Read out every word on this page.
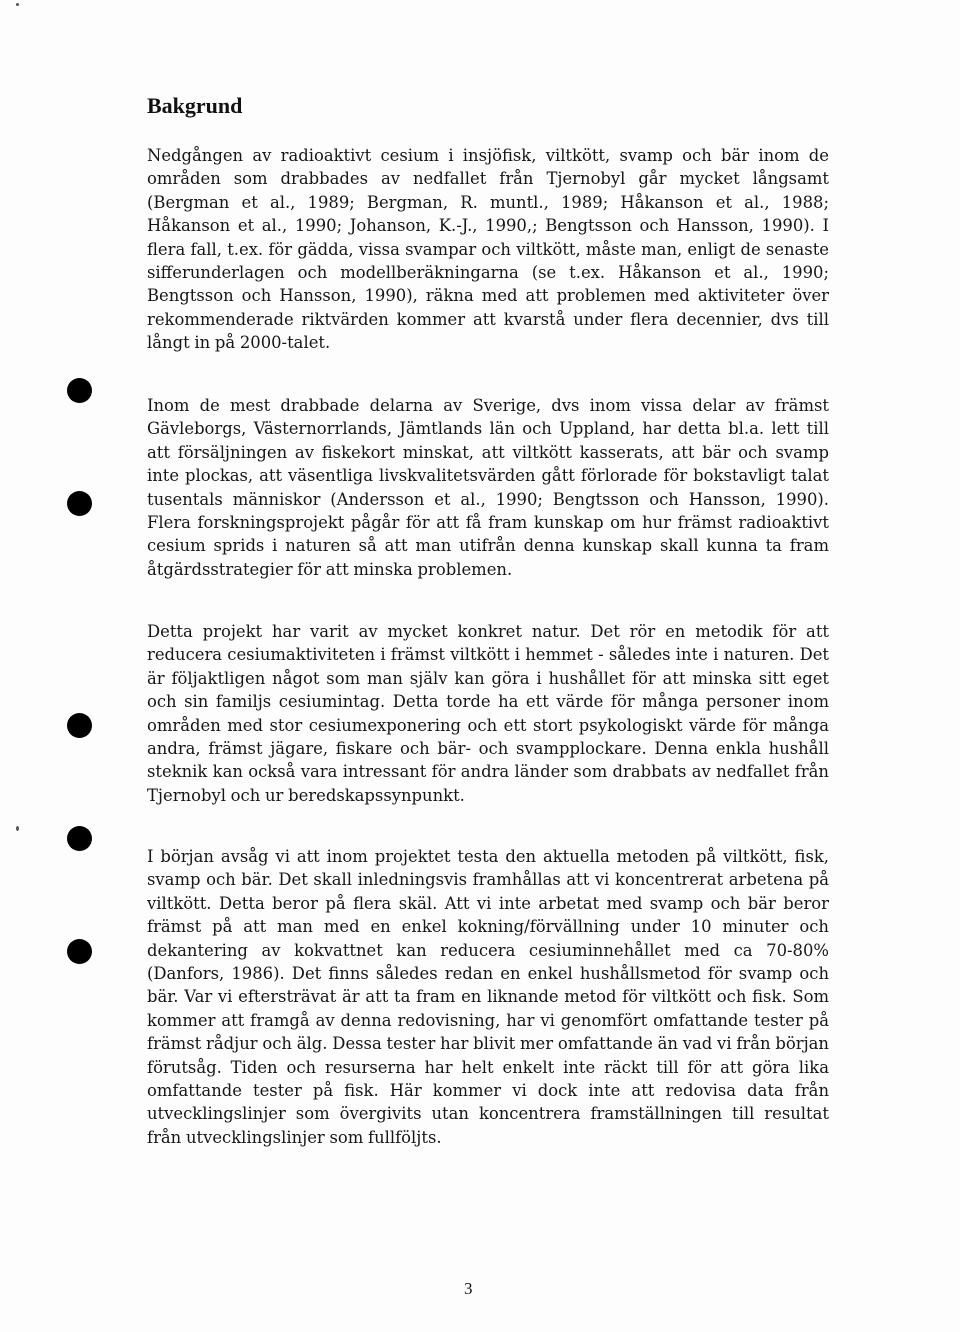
Bakgrund

Nedgången av radioaktivt cesium i insjöfisk, viltkött, svamp och bär inom de områden som drabbades av nedfallet från Tjernobyl går mycket långsamt (Bergman et al., 1989; Bergman, R. muntl., 1989; Håkanson et al., 1988; Håkanson et al., 1990; Johanson, K.-J., 1990,; Bengtsson och Hansson, 1990). I flera fall, t.ex. för gädda, vissa svampar och viltkött, måste man, enligt de senaste sifferunderlagen och modellberäkningarna (se t.ex. Håkanson et al., 1990; Bengtsson och Hansson, 1990), räkna med att problemen med aktiviteter över rekommenderade riktvärden kommer att kvarstå under flera decennier, dvs till långt in på 2000-talet.

Inom de mest drabbade delarna av Sverige, dvs inom vissa delar av främst Gävleborgs, Västernorrlands, Jämtlands län och Uppland, har detta bl.a. lett till att försäljningen av fiskekort minskat, att viltkött kasserats, att bär och svamp inte plockas, att väsentliga livskvalitetsvärden gått förlorade för bokstavligt talat tusentals människor (Andersson et al., 1990; Bengtsson och Hansson, 1990). Flera forskningsprojekt pågår för att få fram kunskap om hur främst radioaktivt cesium sprids i naturen så att man utifrån denna kunskap skall kunna ta fram åtgärdsstrategier för att minska problemen.

Detta projekt har varit av mycket konkret natur. Det rör en metodik för att reducera cesiumaktiviteten i främst viltkött i hemmet - således inte i naturen. Det är följaktligen något som man själv kan göra i hushållet för att minska sitt eget och sin familjs cesiumintag. Detta torde ha ett värde för många personer inom områden med stor cesiumexponering och ett stort psykologiskt värde för många andra, främst jägare, fiskare och bär- och svampplockare. Denna enkla hushåll steknik kan också vara intressant för andra länder som drabbats av nedfallet från Tjernobyl och ur beredskapssynpunkt.

I början avsåg vi att inom projektet testa den aktuella metoden på viltkött, fisk, svamp och bär. Det skall inledningsvis framhållas att vi koncentrerat arbetena på viltkött. Detta beror på flera skäl. Att vi inte arbetat med svamp och bär beror främst på att man med en enkel kokning/förvällning under 10 minuter och dekantering av kokvattnet kan reducera cesiuminnehållet med ca 70-80% (Danfors, 1986). Det finns således redan en enkel hushållsmetod för svamp och bär. Var vi eftersträvat är att ta fram en liknande metod för viltkött och fisk. Som kommer att framgå av denna redovisning, har vi genomfört omfattande tester på främst rådjur och älg. Dessa tester har blivit mer omfattande än vad vi från början förutsåg. Tiden och resurserna har helt enkelt inte räckt till för att göra lika omfattande tester på fisk. Här kommer vi dock inte att redovisa data från utvecklingslinjer som övergivits utan koncentrera framställningen till resultat från utvecklingslinjer som fullföljts.

3
